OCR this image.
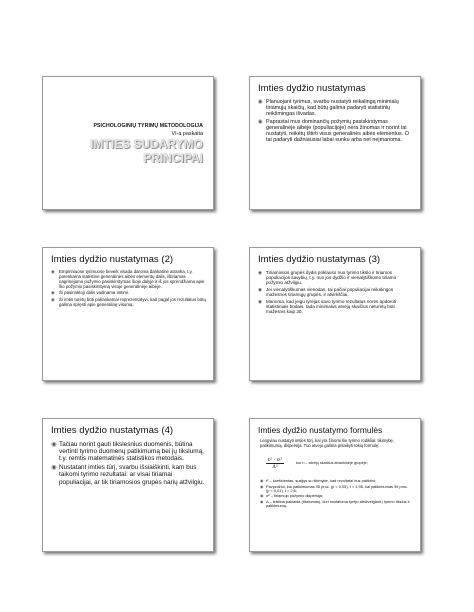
PSICHOLOGINIŲ TYRIMŲ METODOLOGIJA
VI-a paskaita
IMTIES SUDARYMO
PRINCIPAI
Imties dydžio nustatymas
◉ Planuojant tyrimus, svarbu nustatyti reikalingą minimalų tiriamųjų skaičių, kad būtų galima padaryti statistinių reikšmingas išvadas.
◉ Paprastai mus dominančių požymių pasiskirstymas generalinėje aibėje (populiacijoje) nėra žinomas ir norint tai nustatyti, reikėtų ištirti visus generalinės aibės elementus. O tai padaryti dažniausiai labai sunku arba net neįmanoma.
Imties dydžio nustatymas (2)
◉ Empiriniuose tyrimuose beveik visada daroma dankatinė atranka, t.y. parenkama statistinė generalinės aibės elementų dalis, ištiriamas nagrinėjamo požymio pasiskirstymas šioje dalyje ir iš jos sprendžiama apie šio požymio pasiskirstymą visoje generalinėje aibėje.
◉ Ši pasirinktoji dalis vadinama imtimi.
◉ Ši imtis turėtų būti pakankamai reprezentatyvi, kad pagal jos rezultatus būtų galima spręsti apie generalinę visumą.
Imties dydžio nustatymas (3)
◉ Tiriamosios grupės dydis priklauso nuo tyrimo tikslo ir tiriamos populiacijos savybių, t.y. nuo jos dydžio ir vienalytiškumo tiriamo požymio atžvilgiu.
◉ Jei vienalytiškumas vienodas, tai pačiai populiacijai reikalingos mažesnės tiriamųjų grupės, ir atvirkščiai.
◉ Manoma, kad jeigu tyrėjas savo tyrimo rezultatus norės apdoroti statistiniais būdais, tada minimalus atvejų skaičius neturėtų būti mažesnis kaip 30.
Imties dydžio nustatymas (4)
◉ Tačiau norint gauti tikslesnius duomenis, būtina vertinti tyrimo duomenų patikimumą bei jų tikslumą, t.y. remtis matematinės statistikos metodais.
◉ Nustatant imties tūrį, svarbu išsiaiškinti, kam bus taikomi tyrimo rezultatai: ar visai tiriamai populiacijai, ar tik tiriamosios grupės narių atžvilgiu.
Imties dydžio nustatymo formulės
Lengviau nustatyti imties tūrį, kai yra žinomi šie tyrimo rodikliai: tikimybę, patikimumą, dispersija. Tuo atveju galima pritaikyti tokią formulę:
$\frac{\text{t² · σ²}}{\text{Δ²}}$	kur n – atvejų skaičius atrankinėje grupėje;
◉ t² – koeficientas, susijęs su tikimybe, kad rezultatai bus patikimi;
◉ Pavyzdžiui, kai patikimumas 95 proc. (p < 0,05), t = 1,96, kai patikimumas 99 proc. (p < 0,01), t = 2,6;
◉ σ² – tiriamojo požymio dispersija;
◉ Δ – leistina paklaida (tikslumas), kuri nustatoma tyrėjo atsižvelgiant į tyrimo tikslus ir patikimumą.
